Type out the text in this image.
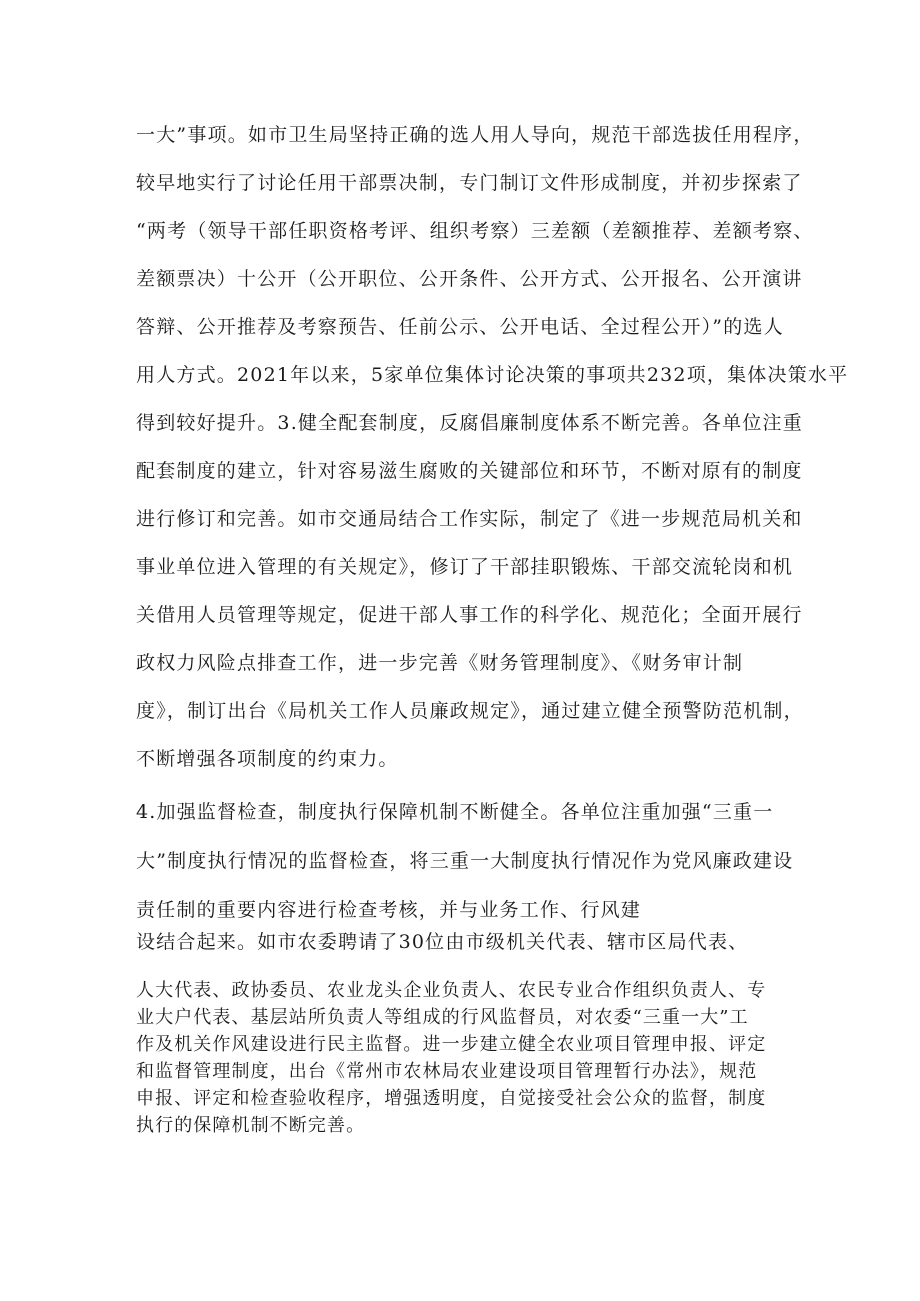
一大”事项。如市卫生局坚持正确的选人用人导向，规范干部选拔任用程序，
较早地实行了讨论任用干部票决制，专门制订文件形成制度，并初步探索了
“两考（领导干部任职资格考评、组织考察）三差额（差额推荐、差额考察、
差额票决）十公开（公开职位、公开条件、公开方式、公开报名、公开演讲
答辩、公开推荐及考察预告、任前公示、公开电话、全过程公开）”的选人
用人方式。2021年以来，5家单位集体讨论决策的事项共232项，集体决策水平
得到较好提升。3.健全配套制度，反腐倡廉制度体系不断完善。各单位注重
配套制度的建立，针对容易滋生腐败的关键部位和环节，不断对原有的制度
进行修订和完善。如市交通局结合工作实际，制定了《进一步规范局机关和
事业单位进入管理的有关规定》，修订了干部挂职锻炼、干部交流轮岗和机
关借用人员管理等规定，促进干部人事工作的科学化、规范化；全面开展行
政权力风险点排查工作，进一步完善《财务管理制度》、《财务审计制
度》，制订出台《局机关工作人员廉政规定》，通过建立健全预警防范机制，
不断增强各项制度的约束力。
4.加强监督检查，制度执行保障机制不断健全。各单位注重加强“三重一
大”制度执行情况的监督检查，将三重一大制度执行情况作为党风廉政建设
责任制的重要内容进行检查考核，并与业务工作、行风建
设结合起来。如市农委聘请了30位由市级机关代表、辖市区局代表、
人大代表、政协委员、农业龙头企业负责人、农民专业合作组织负责人、专
业大户代表、基层站所负责人等组成的行风监督员，对农委“三重一大”工
作及机关作风建设进行民主监督。进一步建立健全农业项目管理申报、评定
和监督管理制度，出台《常州市农林局农业建设项目管理暂行办法》，规范
申报、评定和检查验收程序，增强透明度，自觉接受社会公众的监督，制度
执行的保障机制不断完善。
